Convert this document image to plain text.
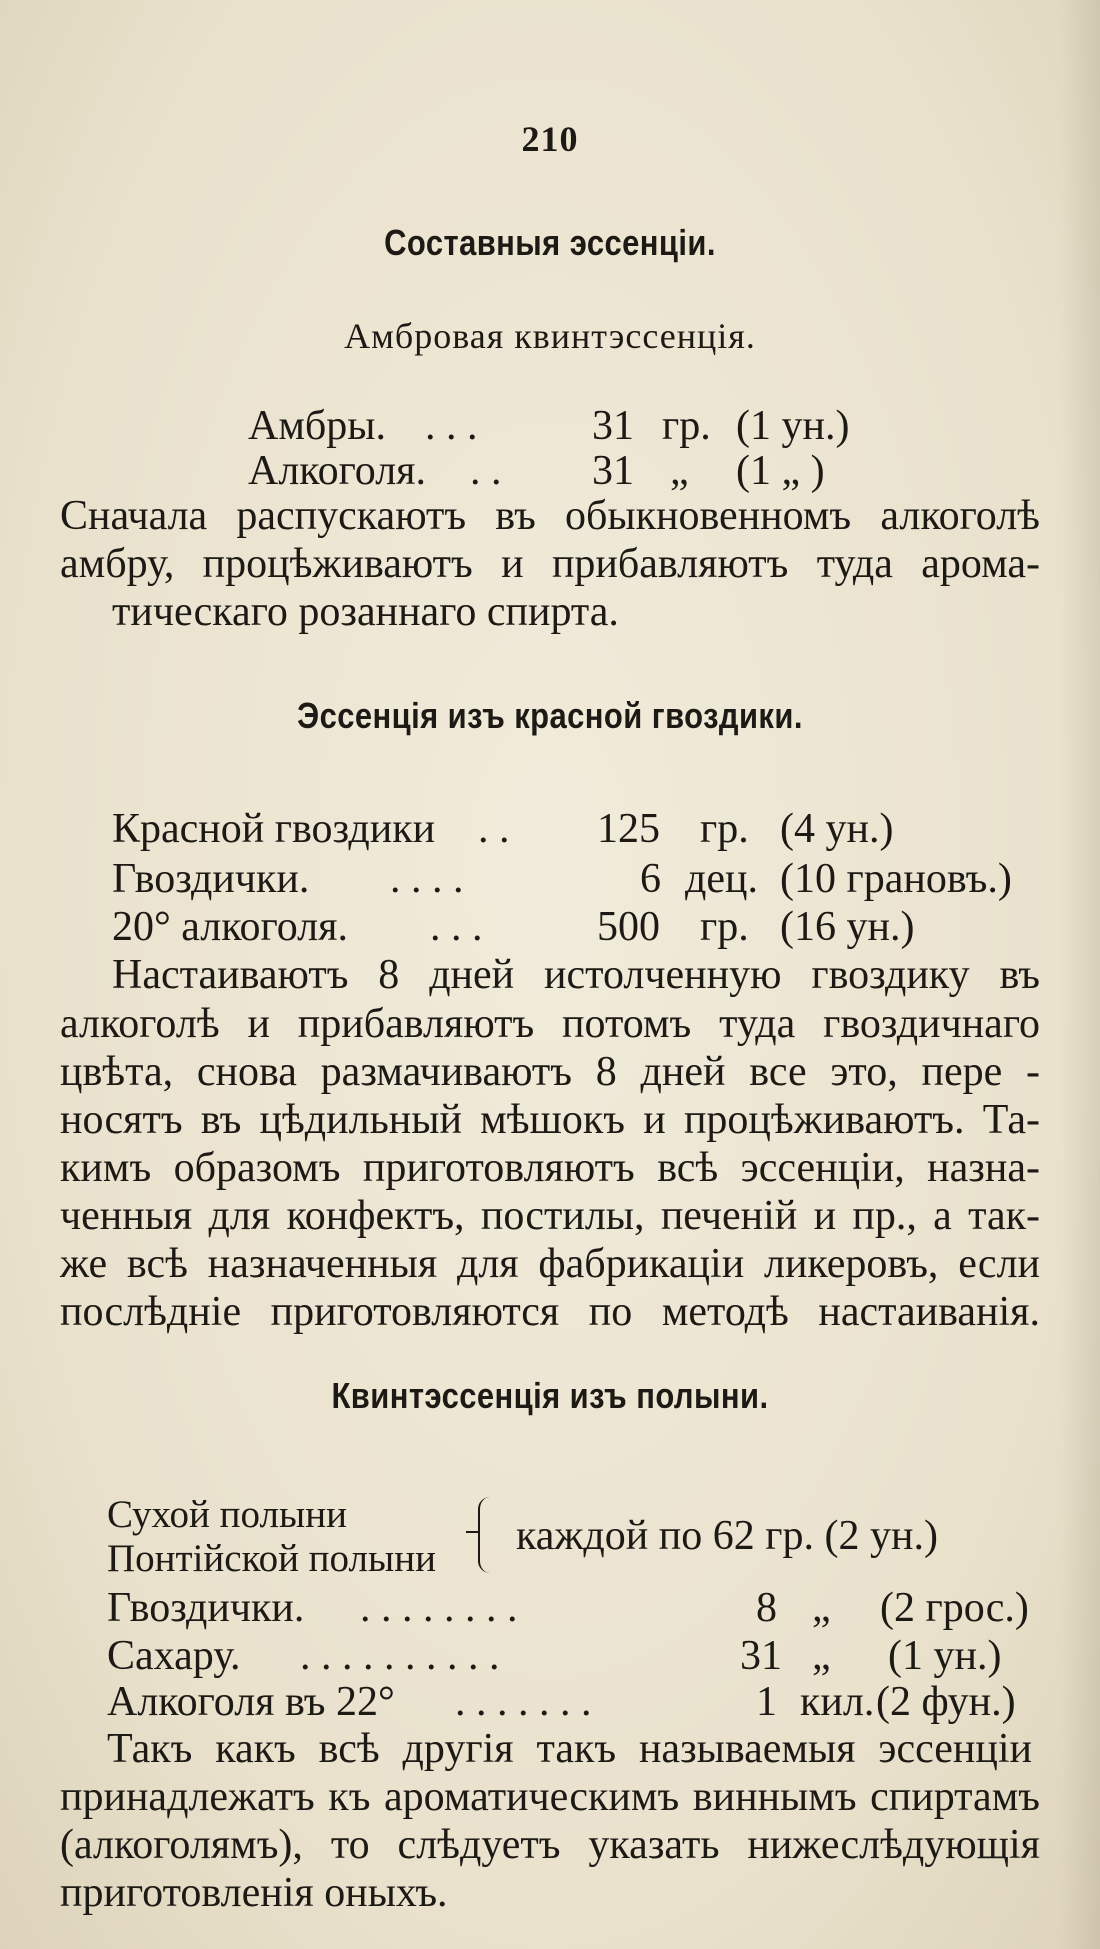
210
Составныя эссенціи.
Амбровая квинтэссенція.
Амбры. . . .	31 гр. (1 ун.)
Алкоголя. . . 31 „ (1 „ )
Сначала распускаютъ въ обыкновенномъ алкоголѣ
амбру, процѣживаютъ и прибавляютъ туда арома-
тическаго розаннаго спирта.
Эссенція изъ красной гвоздики.
Красной гвоздики . . 125 гр. (4 ун.)
Гвоздички. . . . .	6 дец. (10 грановъ.)
20° алкоголя. . . .	500 гр. (16 ун.)
Настаиваютъ 8 дней истолченную гвоздику въ
алкоголѣ и прибавляютъ потомъ туда гвоздичнаго
цвѣта, снова размачиваютъ 8 дней все это, пере -
носятъ въ цѣдильный мѣшокъ и процѣживаютъ. Та-
кимъ образомъ приготовляютъ всѣ эссенціи, назна-
ченныя для конфектъ, постилы, печеній и пр., а так-
же всѣ назначенныя для фабрикаціи ликеровъ, если
послѣдніе приготовляются по методѣ настаиванія.
Квинтэссенція изъ полыни.
Сухой полыни
Понтійской полыни каждой по 62 гр. (2 ун.)
Гвоздички. . . . . . . . .	8 „ (2 грос.)
Сахару. . . . . . . . . . .	31 „ (1 ун.)
Алкоголя въ 22° . . . . . . .	1 кил. (2 фун.)
Такъ какъ всѣ другія такъ называемыя эссенціи
принадлежатъ къ ароматическимъ виннымъ спиртамъ
(алкоголямъ), то слѣдуетъ указать нижеслѣдующія
приготовленія оныхъ.
